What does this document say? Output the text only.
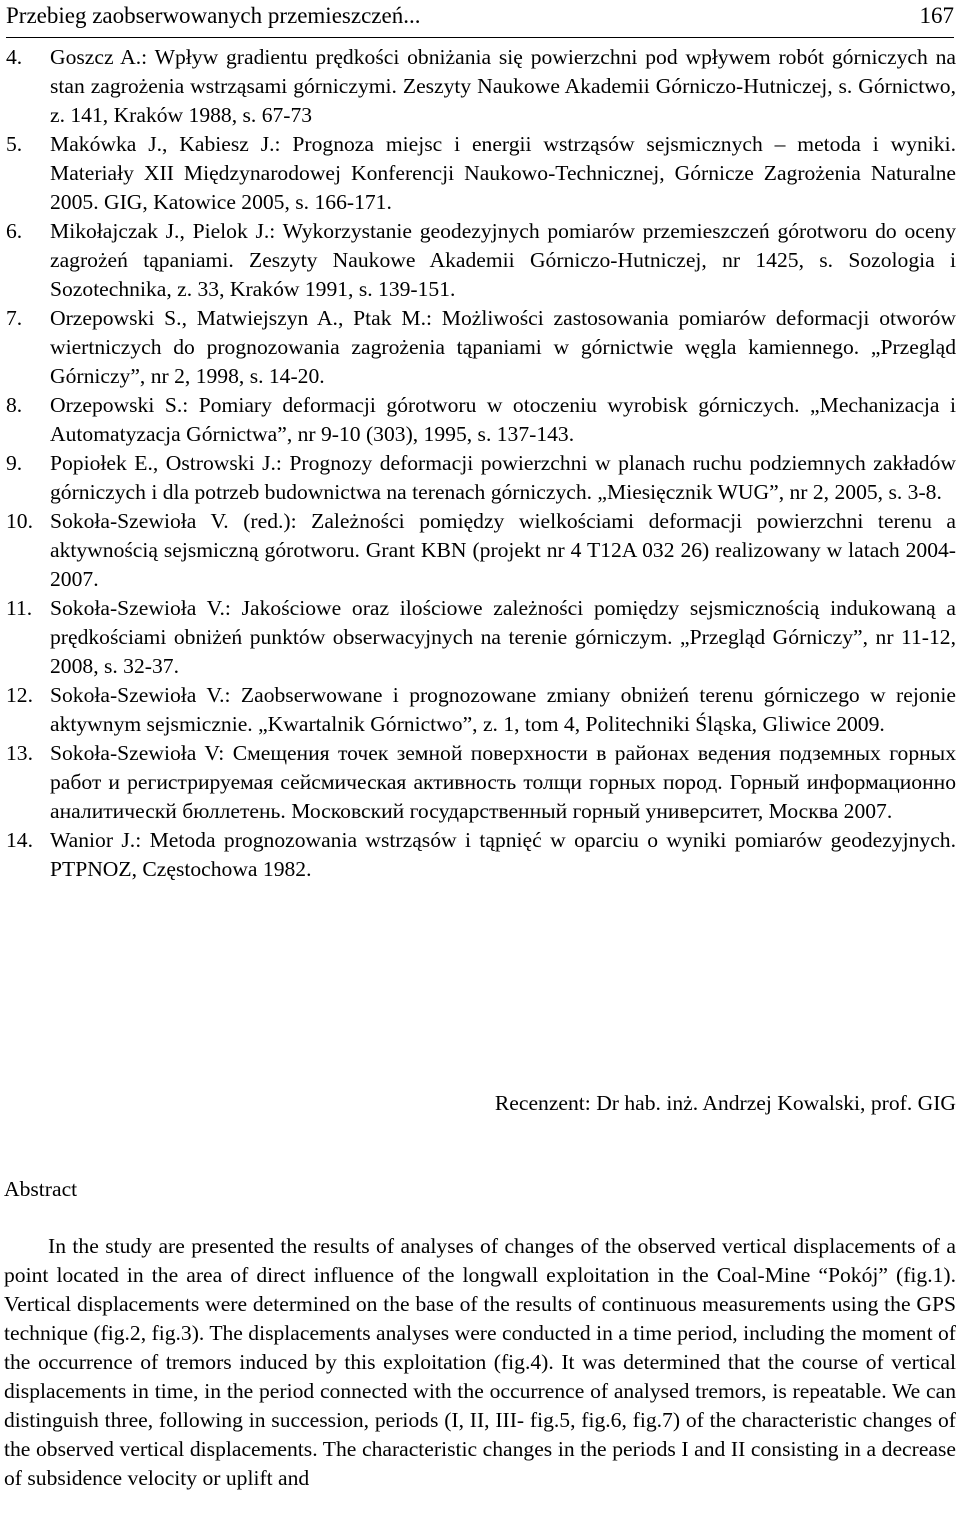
Przebieg zaobserwowanych przemieszczeń...	167
4. Goszcz A.: Wpływ gradientu prędkości obniżania się powierzchni pod wpływem robót górniczych na stan zagrożenia wstrząsami górniczymi. Zeszyty Naukowe Akademii Górniczo-Hutniczej, s. Górnictwo, z. 141, Kraków 1988, s. 67-73
5. Makówka J., Kabiesz J.: Prognoza miejsc i energii wstrząsów sejsmicznych – metoda i wyniki. Materiały XII Międzynarodowej Konferencji Naukowo-Technicznej, Górnicze Zagrożenia Naturalne 2005. GIG, Katowice 2005, s. 166-171.
6. Mikołajczak J., Pielok J.: Wykorzystanie geodezyjnych pomiarów przemieszczeń górotworu do oceny zagrożeń tąpaniami. Zeszyty Naukowe Akademii Górniczo-Hutniczej, nr 1425, s. Sozologia i Sozotechnika, z. 33, Kraków 1991, s. 139-151.
7. Orzepowski S., Matwiejszyn A., Ptak M.: Możliwości zastosowania pomiarów deformacji otworów wiertniczych do prognozowania zagrożenia tąpaniami w górnictwie węgla kamiennego. „Przegląd Górniczy”, nr 2, 1998, s. 14-20.
8. Orzepowski S.: Pomiary deformacji górotworu w otoczeniu wyrobisk górniczych. „Mechanizacja i Automatyzacja Górnictwa”, nr 9-10 (303), 1995, s. 137-143.
9. Popiołek E., Ostrowski J.: Prognozy deformacji powierzchni w planach ruchu podziemnych zakładów górniczych i dla potrzeb budownictwa na terenach górniczych. „Miesięcznik WUG”, nr 2, 2005, s. 3-8.
10. Sokoła-Szewioła V. (red.): Zależności pomiędzy wielkościami deformacji powierzchni terenu a aktywnością sejsmiczną górotworu. Grant KBN (projekt nr 4 T12A 032 26) realizowany w latach 2004-2007.
11. Sokoła-Szewioła V.: Jakościowe oraz ilościowe zależności pomiędzy sejsmicznością indukowaną a prędkościami obniżeń punktów obserwacyjnych na terenie górniczym. „Przegląd Górniczy”, nr 11-12, 2008, s. 32-37.
12. Sokoła-Szewioła V.: Zaobserwowane i prognozowane zmiany obniżeń terenu górniczego w rejonie aktywnym sejsmicznie. „Kwartalnik Górnictwo”, z. 1, tom 4, Politechniki Śląska, Gliwice 2009.
13. Sokoła-Szewioła V: Смещения точек земной поверхности в районах ведения подземных горных работ и регистрируемая сейсмическая активность толщи горных пород. Горный информационно аналитическй бюллетень. Московский государственный горный университет, Москва 2007.
14. Wanior J.: Metoda prognozowania wstrząsów i tąpnięć w oparciu o wyniki pomiarów geodezyjnych. PTPNOZ, Częstochowa 1982.
Recenzent: Dr hab. inż. Andrzej Kowalski, prof. GIG
Abstract

In the study are presented the results of analyses of changes of the observed vertical displacements of a point located in the area of direct influence of the longwall exploitation in the Coal-Mine “Pokój” (fig.1). Vertical displacements were determined on the base of the results of continuous measurements using the GPS technique (fig.2, fig.3). The displacements analyses were conducted in a time period, including the moment of the occurrence of tremors induced by this exploitation (fig.4). It was determined that the course of vertical displacements in time, in the period connected with the occurrence of analysed tremors, is repeatable. We can distinguish three, following in succession, periods (I, II, III- fig.5, fig.6, fig.7) of the characteristic changes of the observed vertical displacements. The characteristic changes in the periods I and II consisting in a decrease of subsidence velocity or uplift and
